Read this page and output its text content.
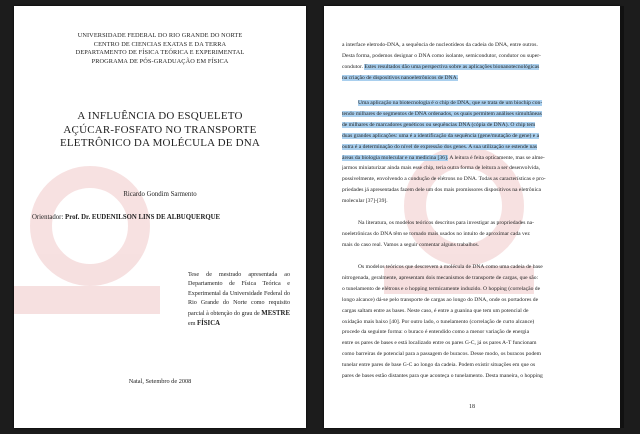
UNIVERSIDADE FEDERAL DO RIO GRANDE DO NORTE
CENTRO DE CIENCIAS EXATAS E DA TERRA
DEPARTAMENTO DE FÍSICA TEÓRICA E EXPERIMENTAL
PROGRAMA DE PÓS-GRADUAÇÃO EM FÍSICA
A INFLUÊNCIA DO ESQUELETO
AÇÚCAR-FOSFATO NO TRANSPORTE
ELETRÔNICO DA MOLÉCULA DE DNA
Ricardo Gondim Sarmento
Orientador: Prof. Dr. EUDENILSON LINS DE ALBUQUERQUE
Tese de mestrado apresentada ao Departamento de Física Teórica e Experimental da Universidade Federal do Rio Grande do Norte como requisito parcial à obtenção do grau de MESTRE em FÍSICA
Natal, Setembro de 2008
a interface eletrodo-DNA, a sequência de nucleotídeos da cadeia do DNA, entre outros.
Desta forma, podemos designar o DNA como isolante, semicondutor, condutor ou super-
condutor. Estes resultados dão uma perspectiva sobre as aplicações bionanotecnológicas
na criação de dispositivos nanoeletrônicos de DNA.
Uma aplicação na biotecnologia é o chip de DNA, que se trata de um biochip con-
tendo milhares de segmentos de DNA ordenados, os quais permitem análises simultâneas
de milhares de marcadores genéticos ou sequências DNA (cópia de DNA). O chip tem
duas grandes aplicações: uma é a identificação da sequência (gene/mutação de gene) e a
outra é a determinação do nível de expressão dos genes. A sua utilização se estende nas
áreas da biologia molecular e na medicina [36]. A leitura é feita opticamente, mas se alme-
jarmos miniaturizar ainda mais esse chip, teria outra forma de leitura a ser desenvolvida,
possivelmente, envolvendo a condução de elétrons no DNA. Todas as características e pro-
priedades já apresentadas fazem dele um dos mais promissores dispositivos na eletrônica
molecular [37]-[39].
Na literatura, os modelos teóricos descritos para investigar as propriedades na-
noeletrônicas do DNA têm se tornado mais usados no intuito de aproximar cada vez
mais do caso real. Vamos a seguir comentar alguns trabalhos.
Os modelos teóricos que descrevem a molécula de DNA como uma cadeia de base
nitrogenada, geralmente, apresentam dois mecanismos de transporte de cargas, que são:
o tunelamento de elétrons e o hopping termicamente induzido. O hopping (correlação de
longo alcance) dá-se pelo transporte de cargas ao longo do DNA, onde os portadores de
cargas saltam entre as bases. Neste caso, é entre a guanina que tem um potencial de
oxidação mais baixo [40]. Por outro lado, o tunelamento (correlação de curto alcance)
procede da seguinte forma: o buraco é entendido como a menor variação de energia
entre os pares de bases e está localizado entre os pares G-C, já os pares A-T funcionam
como barreiras de potencial para a passagem de buracos. Desse modo, os buracos podem
tunelar entre pares de base G-C ao longo da cadeia. Podem existir situações em que os
pares de bases estão distantes para que aconteça o tunelamento. Desta maneira, o hopping
18
